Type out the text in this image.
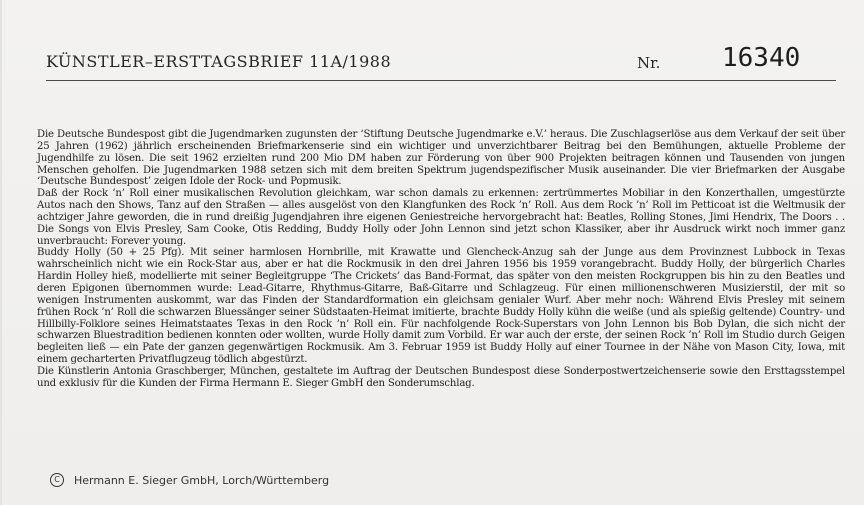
KÜNSTLER–ERSTTAGSBRIEF 11A/1988	Nr. 16340

Die Deutsche Bundespost gibt die Jugendmarken zugunsten der ‘Stiftung Deutsche Jugendmarke e.V.’ heraus. Die Zuschlagserlöse aus dem Verkauf der seit über 25 Jahren (1962) jährlich erscheinenden Briefmarkenserie sind ein wichtiger und unverzichtbarer Beitrag bei den Bemühungen, aktuelle Probleme der Jugendhilfe zu lösen. Die seit 1962 erzielten rund 200 Mio DM haben zur Förderung von über 900 Projekten beitragen können und Tausenden von jungen Menschen geholfen. Die Jugendmarken 1988 setzen sich mit dem breiten Spektrum jugendspezifischer Musik auseinander. Die vier Briefmarken der Ausgabe ‘Deutsche Bundespost’ zeigen Idole der Rock- und Popmusik.

Daß der Rock ’n’ Roll einer musikalischen Revolution gleichkam, war schon damals zu erkennen: zertrümmertes Mobiliar in den Konzerthallen, umgestürzte Autos nach den Shows, Tanz auf den Straßen — alles ausgelöst von den Klangfunken des Rock ’n’ Roll. Aus dem Rock ’n’ Roll im Petticoat ist die Weltmusik der achtziger Jahre geworden, die in rund dreißig Jugendjahren ihre eigenen Geniestreiche hervorgebracht hat: Beatles, Rolling Stones, Jimi Hendrix, The Doors . . Die Songs von Elvis Presley, Sam Cooke, Otis Redding, Buddy Holly oder John Lennon sind jetzt schon Klassiker, aber ihr Ausdruck wirkt noch immer ganz unverbraucht: Forever young.

Buddy Holly (50 + 25 Pfg). Mit seiner harmlosen Hornbrille, mit Krawatte und Glencheck-Anzug sah der Junge aus dem Provinznest Lubbock in Texas wahrscheinlich nicht wie ein Rock-Star aus, aber er hat die Rockmusik in den drei Jahren 1956 bis 1959 vorangebracht. Buddy Holly, der bürgerlich Charles Hardin Holley hieß, modellierte mit seiner Begleitgruppe ‘The Crickets’ das Band-Format, das später von den meisten Rockgruppen bis hin zu den Beatles und deren Epigonen übernommen wurde: Lead-Gitarre, Rhythmus-Gitarre, Baß-Gitarre und Schlagzeug. Für einen millionenschweren Musizierstil, der mit so wenigen Instrumenten auskommt, war das Finden der Standardformation ein gleichsam genialer Wurf. Aber mehr noch: Während Elvis Presley mit seinem frühen Rock ’n’ Roll die schwarzen Bluessänger seiner Südstaaten-Heimat imitierte, brachte Buddy Holly kühn die weiße (und als spießig geltende) Country- und Hillbilly-Folklore seines Heimatstaates Texas in den Rock ’n’ Roll ein. Für nachfolgende Rock-Superstars von John Lennon bis Bob Dylan, die sich nicht der schwarzen Bluestradition bedienen konnten oder wollten, wurde Holly damit zum Vorbild. Er war auch der erste, der seinen Rock ’n’ Roll im Studio durch Geigen begleiten ließ — ein Pate der ganzen gegenwärtigen Rockmusik. Am 3. Februar 1959 ist Buddy Holly auf einer Tournee in der Nähe von Mason City, Iowa, mit einem gecharterten Privatflugzeug tödlich abgestürzt.

Die Künstlerin Antonia Graschberger, München, gestaltete im Auftrag der Deutschen Bundespost diese Sonderpostwertzeichenserie sowie den Ersttagsstempel und exklusiv für die Kunden der Firma Hermann E. Sieger GmbH den Sonderumschlag.

C	Hermann E. Sieger GmbH, Lorch/Württemberg
